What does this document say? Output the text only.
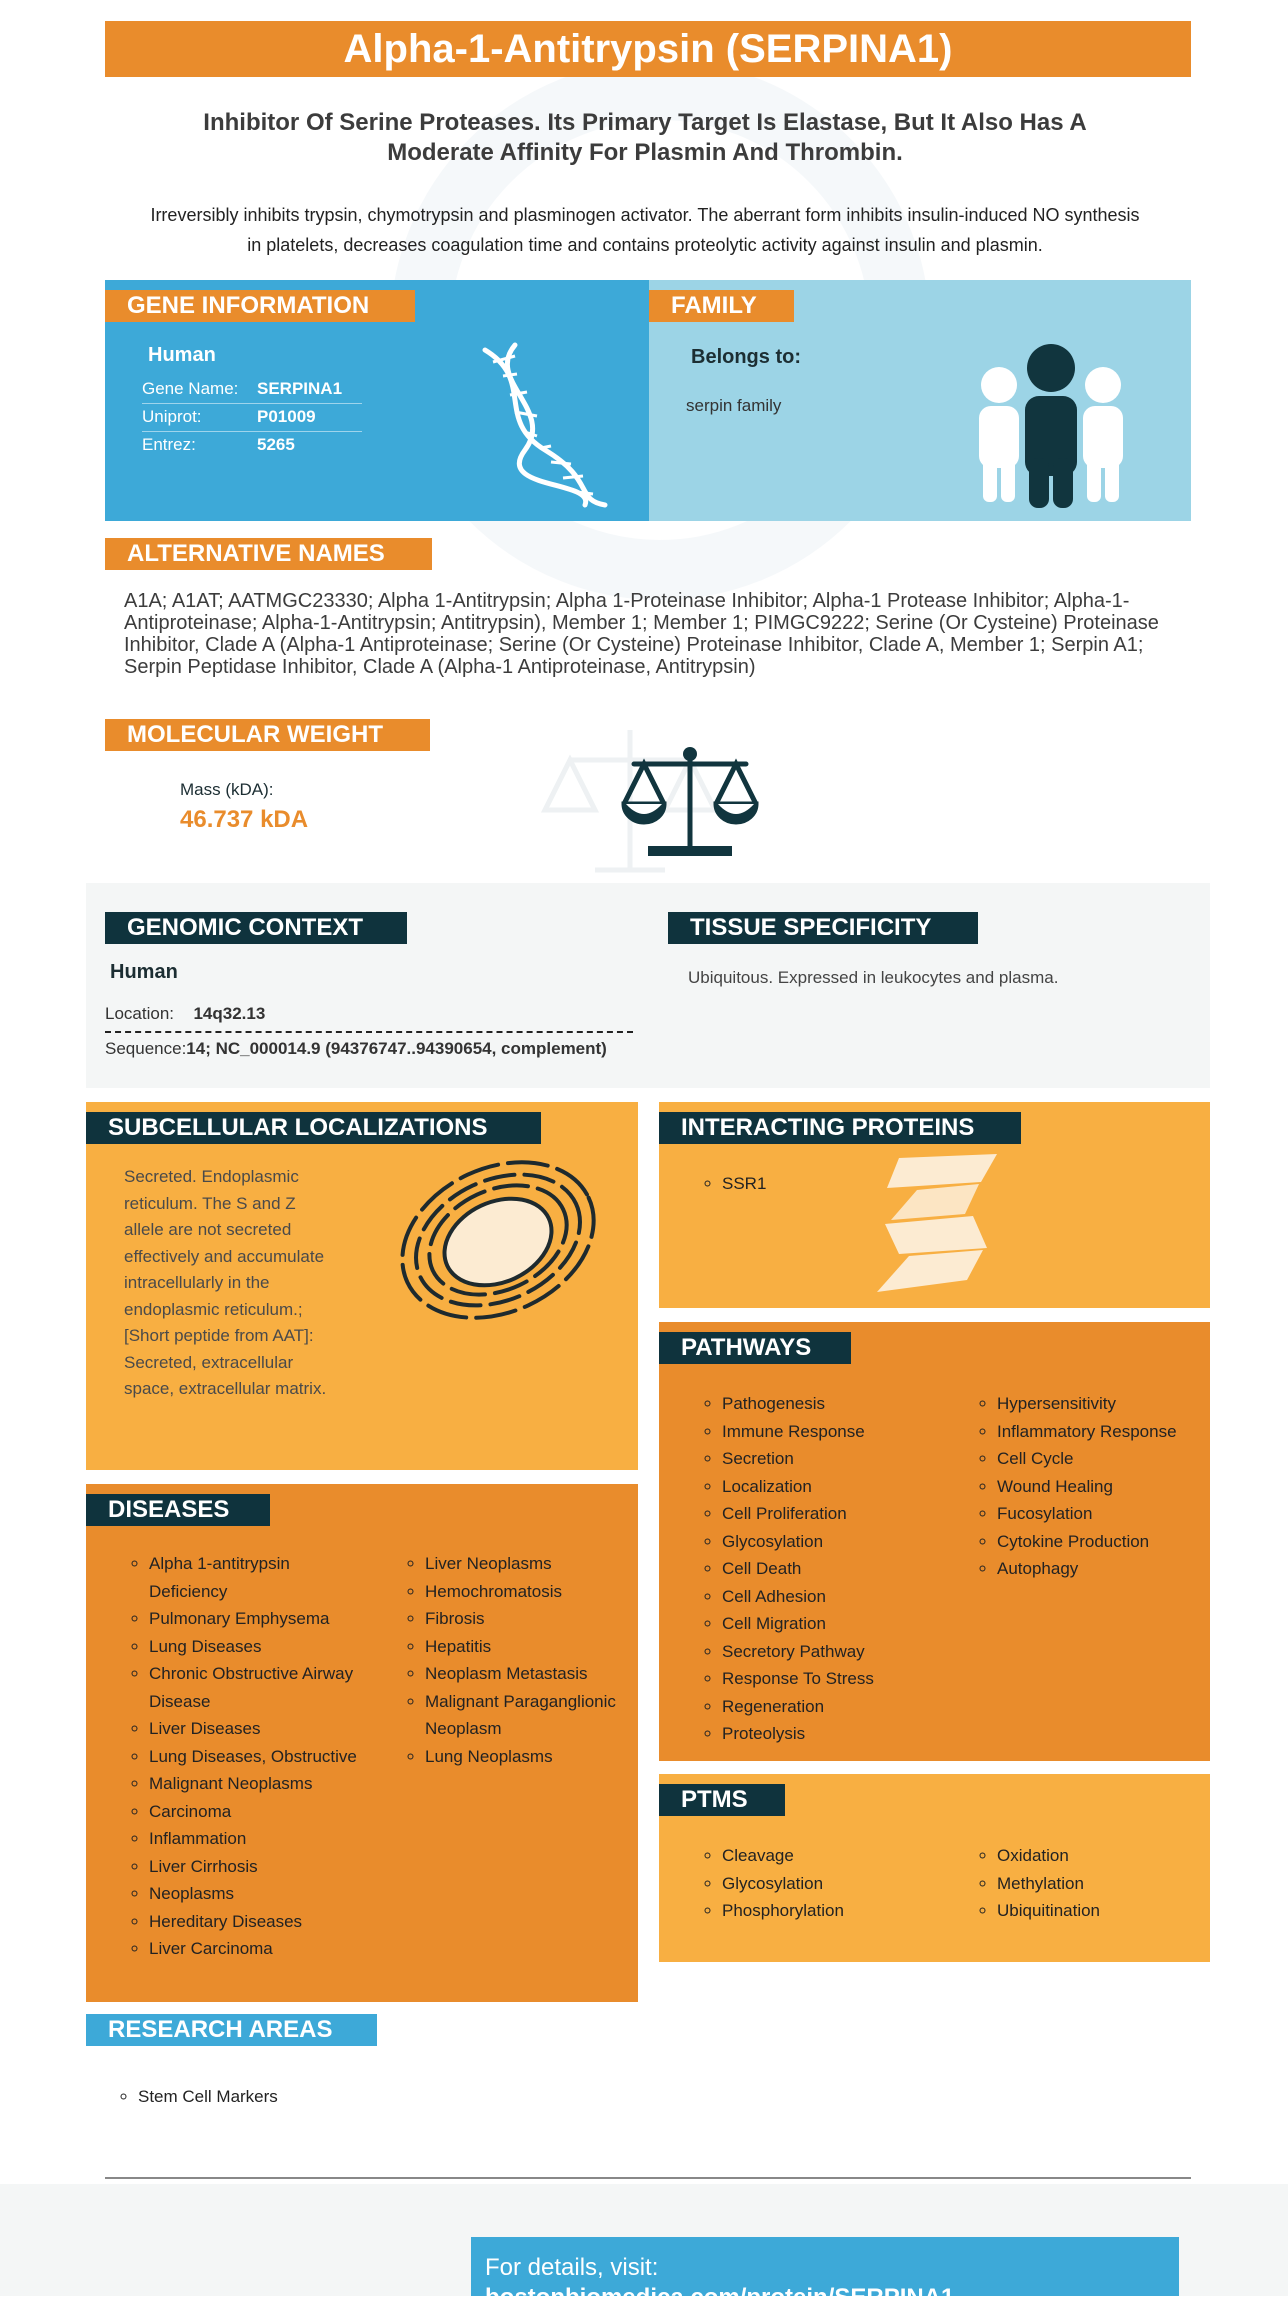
Alpha-1-Antitrypsin (SERPINA1)
Inhibitor Of Serine Proteases. Its Primary Target Is Elastase, But It Also Has A Moderate Affinity For Plasmin And Thrombin.
Irreversibly inhibits trypsin, chymotrypsin and plasminogen activator. The aberrant form inhibits insulin-induced NO synthesis in platelets, decreases coagulation time and contains proteolytic activity against insulin and plasmin.
GENE INFORMATION
Human
Gene Name:	SERPINA1
Uniprot:	P01009
Entrez:	5265
FAMILY
Belongs to:
serpin family
ALTERNATIVE NAMES
A1A; A1AT; AATMGC23330; Alpha 1-Antitrypsin; Alpha 1-Proteinase Inhibitor; Alpha-1 Protease Inhibitor; Alpha-1-Antiproteinase; Alpha-1-Antitrypsin; Antitrypsin), Member 1; Member 1; PIMGC9222; Serine (Or Cysteine) Proteinase Inhibitor, Clade A (Alpha-1 Antiproteinase; Serine (Or Cysteine) Proteinase Inhibitor, Clade A, Member 1; Serpin A1; Serpin Peptidase Inhibitor, Clade A (Alpha-1 Antiproteinase, Antitrypsin)
MOLECULAR WEIGHT
Mass (kDA):
46.737 kDA
GENOMIC CONTEXT
Human
Location: 14q32.13
Sequence:14; NC_000014.9 (94376747..94390654, complement)
TISSUE SPECIFICITY
Ubiquitous. Expressed in leukocytes and plasma.
SUBCELLULAR LOCALIZATIONS
Secreted. Endoplasmic reticulum. The S and Z allele are not secreted effectively and accumulate intracellularly in the endoplasmic reticulum.; [Short peptide from AAT]: Secreted, extracellular space, extracellular matrix.
INTERACTING PROTEINS
◦ SSR1
PATHWAYS
◦ Pathogenesis
◦ Immune Response
◦ Secretion
◦ Localization
◦ Cell Proliferation
◦ Glycosylation
◦ Cell Death
◦ Cell Adhesion
◦ Cell Migration
◦ Secretory Pathway
◦ Response To Stress
◦ Regeneration
◦ Proteolysis
◦ Hypersensitivity
◦ Inflammatory Response
◦ Cell Cycle
◦ Wound Healing
◦ Fucosylation
◦ Cytokine Production
◦ Autophagy
PTMS
◦ Cleavage
◦ Glycosylation
◦ Phosphorylation
◦ Oxidation
◦ Methylation
◦ Ubiquitination
DISEASES
◦ Alpha 1-antitrypsin Deficiency
◦ Pulmonary Emphysema
◦ Lung Diseases
◦ Chronic Obstructive Airway Disease
◦ Liver Diseases
◦ Lung Diseases, Obstructive
◦ Malignant Neoplasms
◦ Carcinoma
◦ Inflammation
◦ Liver Cirrhosis
◦ Neoplasms
◦ Hereditary Diseases
◦ Liver Carcinoma
◦ Liver Neoplasms
◦ Hemochromatosis
◦ Fibrosis
◦ Hepatitis
◦ Neoplasm Metastasis
◦ Malignant Paraganglionic Neoplasm
◦ Lung Neoplasms
RESEARCH AREAS
◦ Stem Cell Markers
For details, visit:
bostonbiomedica.com/protein/SERPINA1
